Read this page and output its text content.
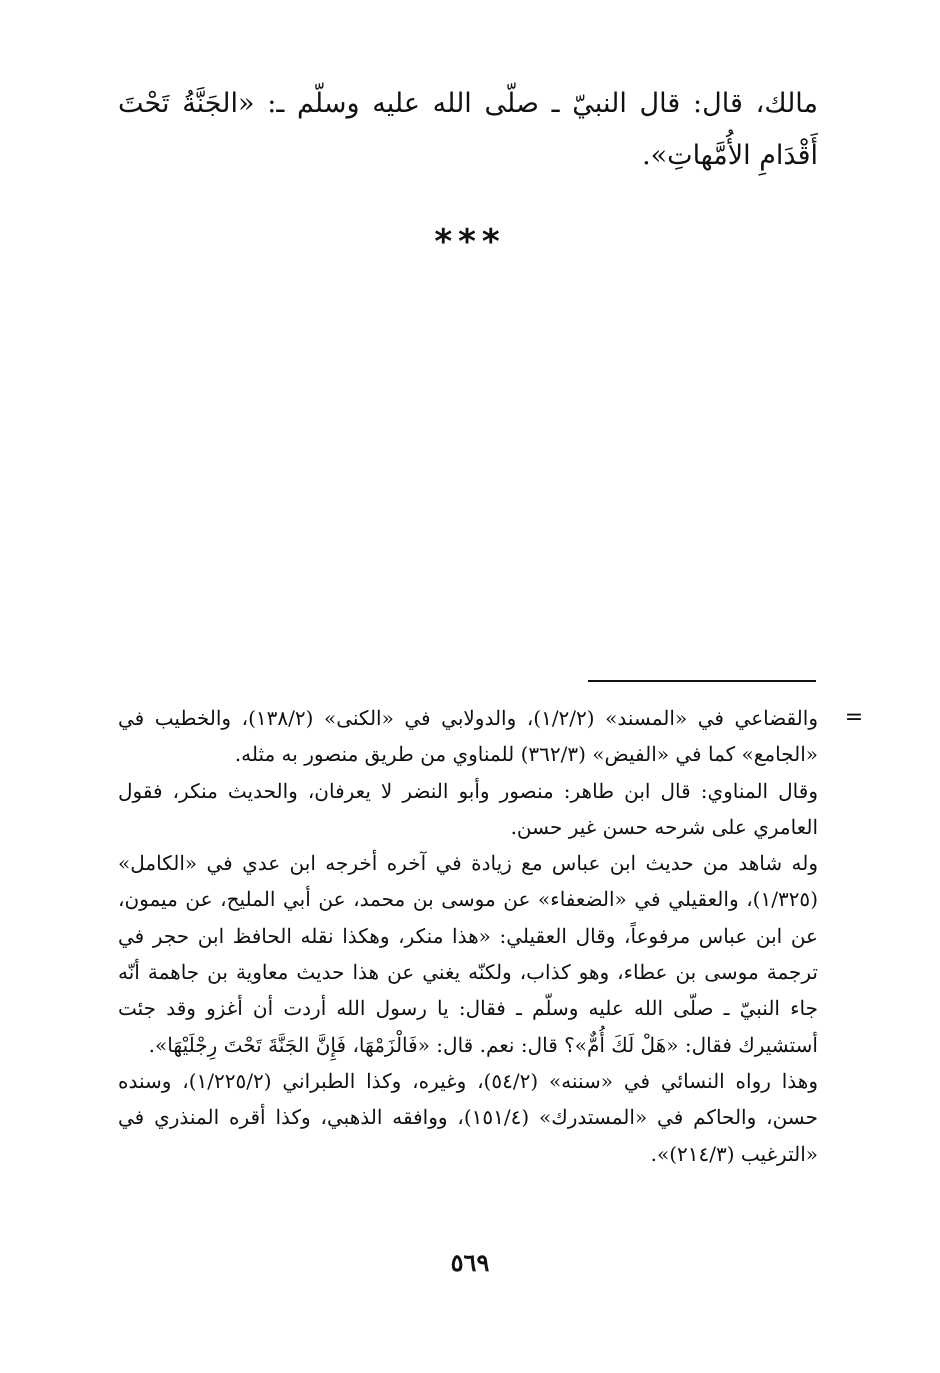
مالك، قال: قال النبيّ ـ صلّى الله عليه وسلّم ـ: «الجَنَّةُ تَحْتَ أَقْدَامِ الأُمَّهاتِ».

***
=

والقضاعي في «المسند» (١/٢/٢)، والدولابي في «الكنى» (١٣٨/٢)، والخطيب في «الجامع» كما في «الفيض» (٣٦٢/٣) للمناوي من طريق منصور به مثله.

وقال المناوي: قال ابن طاهر: منصور وأبو النضر لا يعرفان، والحديث منكر، فقول العامري على شرحه حسن غير حسن.

وله شاهد من حديث ابن عباس مع زيادة في آخره أخرجه ابن عدي في «الكامل» (١/٣٢٥)، والعقيلي في «الضعفاء» عن موسى بن محمد، عن أبي المليح، عن ميمون، عن ابن عباس مرفوعاً، وقال العقيلي: «هذا منكر، وهكذا نقله الحافظ ابن حجر في ترجمة موسى بن عطاء، وهو كذاب، ولكنّه يغني عن هذا حديث معاوية بن جاهمة أنّه جاء النبيّ ـ صلّى الله عليه وسلّم ـ فقال: يا رسول الله أردت أن أغزو وقد جئت أستشيرك فقال: «هَلْ لَكَ أُمٌّ»؟ قال: نعم. قال: «فَالْزَمْهَا، فَإِنَّ الجَنَّةَ تَحْتَ رِجْلَيْهَا».

وهذا رواه النسائي في «سننه» (٥٤/٢)، وغيره، وكذا الطبراني (١/٢٢٥/٢)، وسنده حسن، والحاكم في «المستدرك» (١٥١/٤)، ووافقه الذهبي، وكذا أقره المنذري في «الترغيب (٢١٤/٣)».

٥٦٩
